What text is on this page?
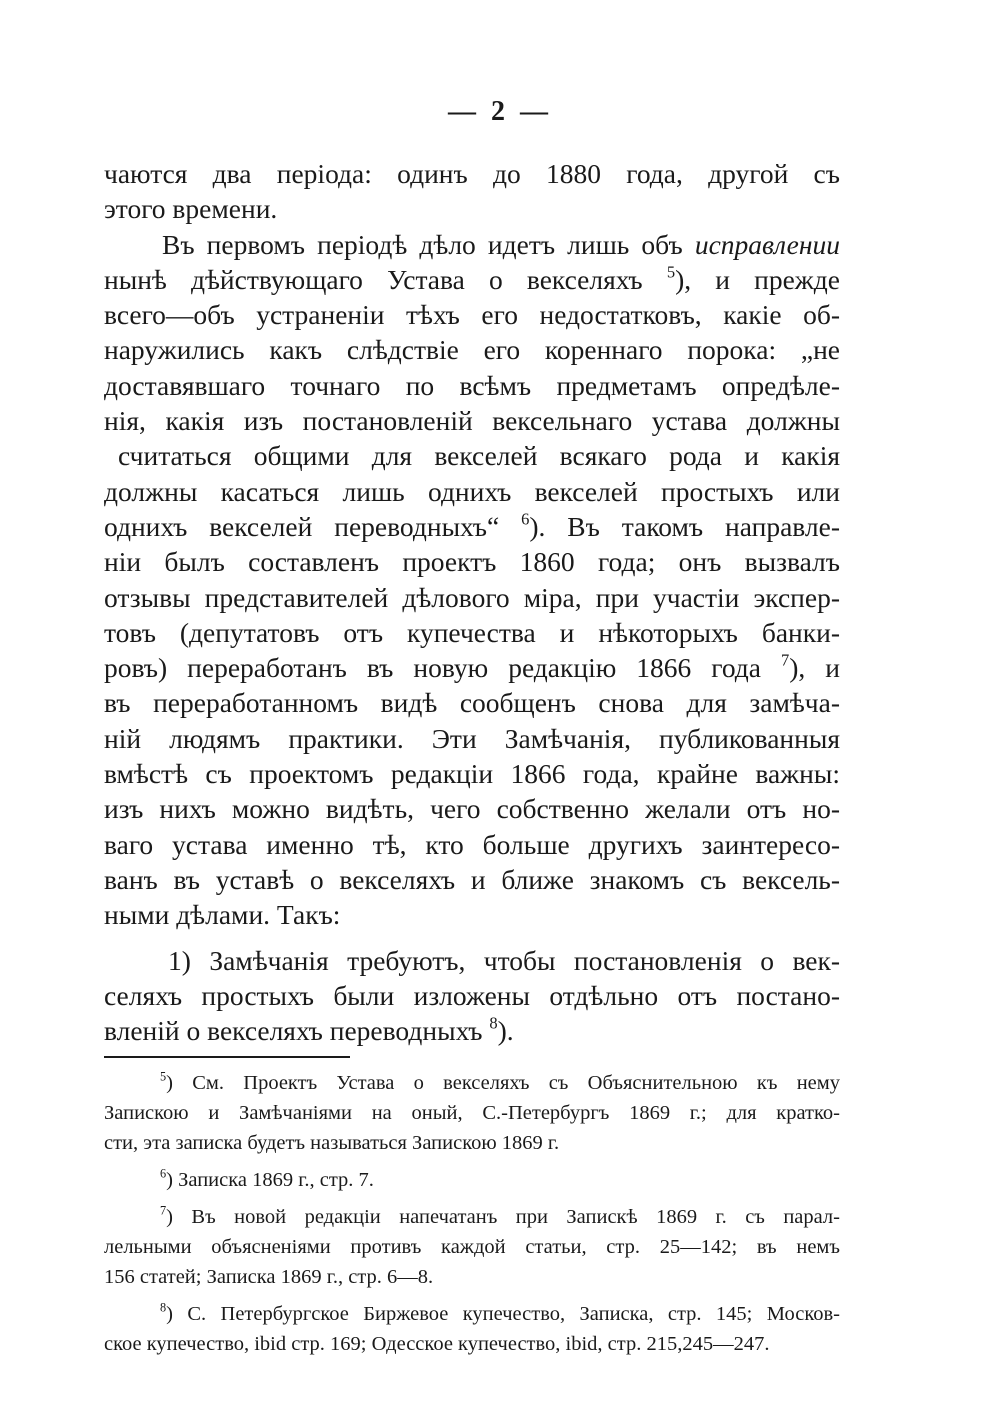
— 2 —
чаются два періода: одинъ до 1880 года, другой съ
этого времени.
Въ первомъ періодѣ дѣло идетъ лишь объ исправлении
нынѣ дѣйствующаго Устава о векселяхъ $^5$), и прежде
всего—объ устраненіи тѣхъ его недостатковъ, какіе об-
наружились какъ слѣдствіе его кореннаго порока: „не
доставявшаго точнаго по всѣмъ предметамъ опредѣле-
нія, какія изъ постановленій вексельнаго устава должны
считаться общими для векселей всякаго рода и какія
должны касаться лишь однихъ векселей простыхъ или
однихъ векселей переводныхъ“ $^6$). Въ такомъ направле-
ніи былъ составленъ проектъ 1860 года; онъ вызвалъ
отзывы представителей дѣлового міра, при участіи экспер-
товъ (депутатовъ отъ купечества и нѣкоторыхъ банки-
ровъ) переработанъ въ новую редакцію 1866 года $^7$), и
въ переработанномъ видѣ сообщенъ снова для замѣча-
ній людямъ практики. Эти Замѣчанія, публикованныя
вмѣстѣ съ проектомъ редакціи 1866 года, крайне важны:
изъ нихъ можно видѣть, чего собственно желали отъ но-
ваго устава именно тѣ, кто больше другихъ заинтересо-
ванъ въ уставѣ о векселяхъ и ближе знакомъ съ вексель-
ными дѣлами. Такъ:
1) Замѣчанія требуютъ, чтобы постановленія о век-
селяхъ простыхъ были изложены отдѣльно отъ постано-
вленій о векселяхъ переводныхъ $^8$).
$^5$) См. Проектъ Устава о векселяхъ съ Объяснительною къ нему
Запискою и Замѣчаніями на оный, С.-Петербургъ 1869 г.; для кратко-
сти, эта записка будетъ называться Запискою 1869 г.
$^6$) Записка 1869 г., стр. 7.
$^7$) Въ новой редакціи напечатанъ при Запискѣ 1869 г. съ парал-
лельными объясненіями противъ каждой статьи, стр. 25—142; въ немъ
156 статей; Записка 1869 г., стр. 6—8.
$^8$) С. Петербургское Биржевое купечество, Записка, стр. 145; Москов-
ское купечество, ibid стр. 169; Одесское купечество, ibid, стр. 215,245—247.
